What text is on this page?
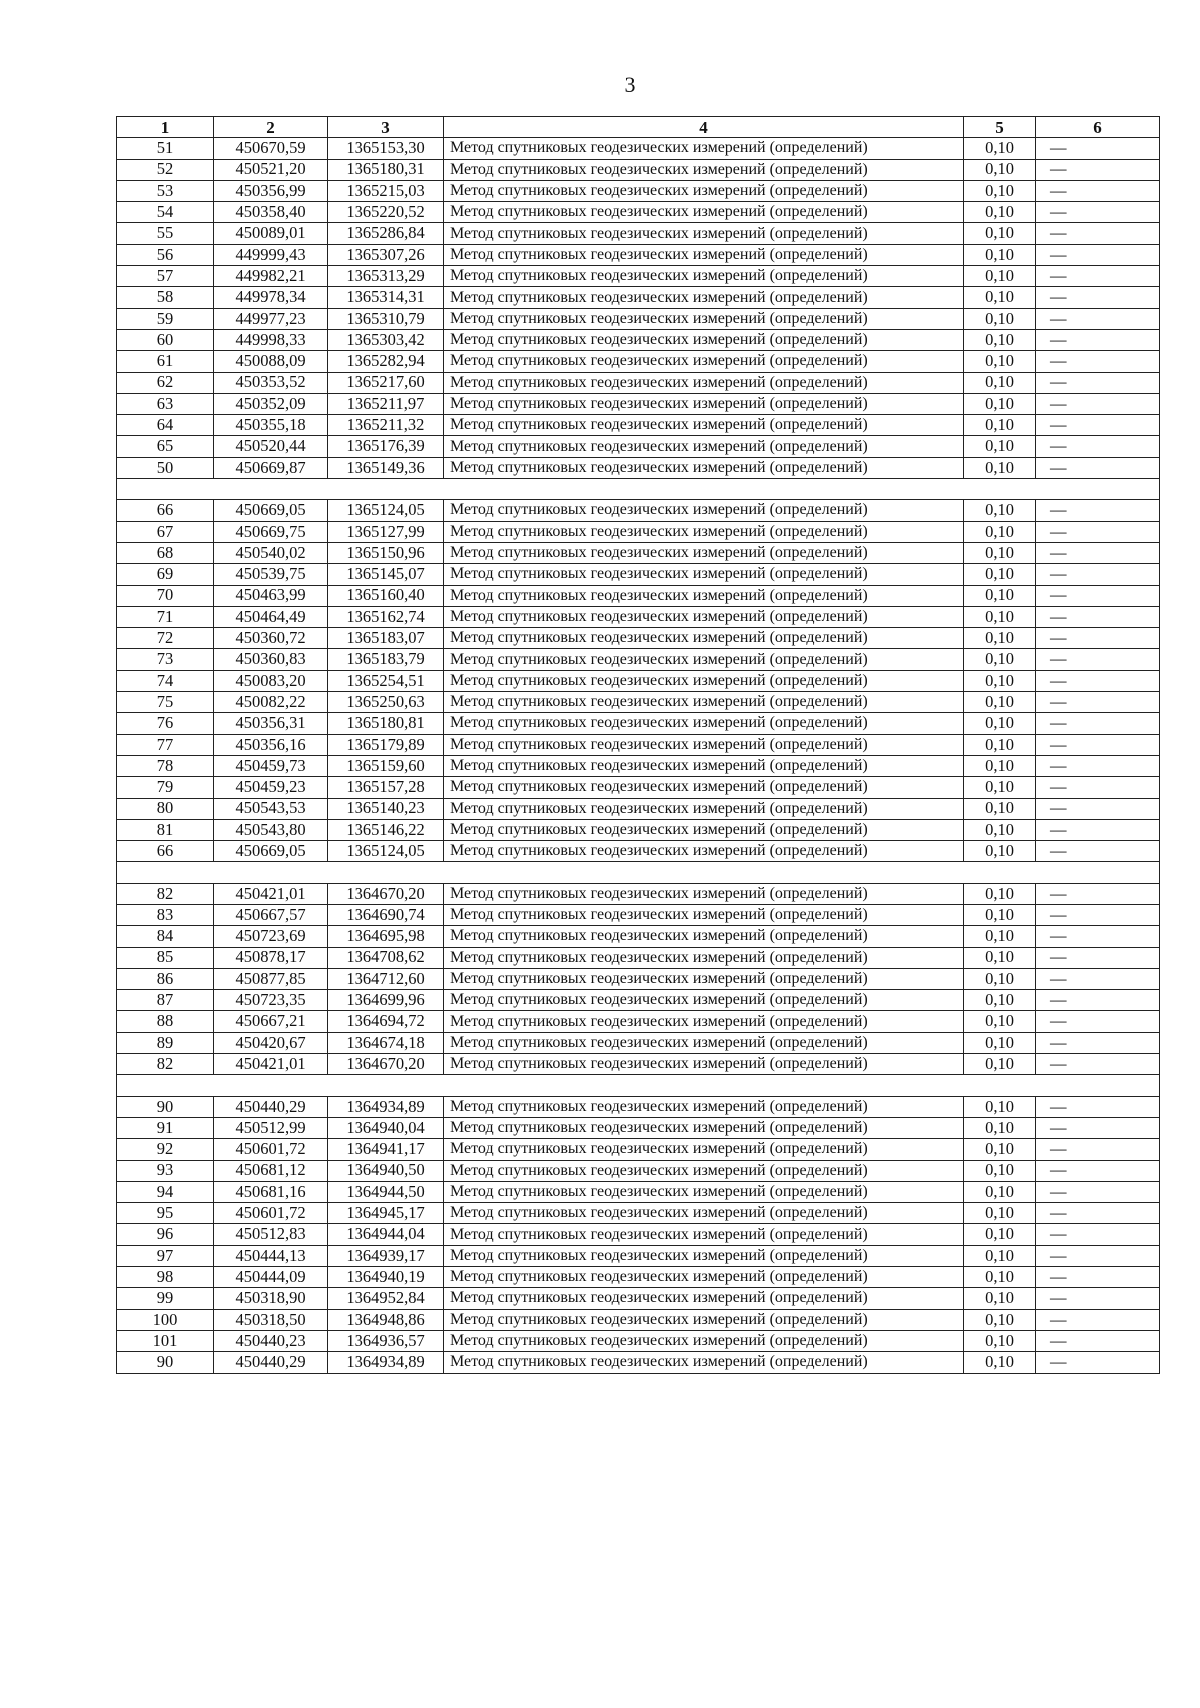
3
1	2	3	4	5	6
51	450670,59	1365153,30	Метод спутниковых геодезических измерений (определений)	0,10	—
52	450521,20	1365180,31	Метод спутниковых геодезических измерений (определений)	0,10	—
53	450356,99	1365215,03	Метод спутниковых геодезических измерений (определений)	0,10	—
54	450358,40	1365220,52	Метод спутниковых геодезических измерений (определений)	0,10	—
55	450089,01	1365286,84	Метод спутниковых геодезических измерений (определений)	0,10	—
56	449999,43	1365307,26	Метод спутниковых геодезических измерений (определений)	0,10	—
57	449982,21	1365313,29	Метод спутниковых геодезических измерений (определений)	0,10	—
58	449978,34	1365314,31	Метод спутниковых геодезических измерений (определений)	0,10	—
59	449977,23	1365310,79	Метод спутниковых геодезических измерений (определений)	0,10	—
60	449998,33	1365303,42	Метод спутниковых геодезических измерений (определений)	0,10	—
61	450088,09	1365282,94	Метод спутниковых геодезических измерений (определений)	0,10	—
62	450353,52	1365217,60	Метод спутниковых геодезических измерений (определений)	0,10	—
63	450352,09	1365211,97	Метод спутниковых геодезических измерений (определений)	0,10	—
64	450355,18	1365211,32	Метод спутниковых геодезических измерений (определений)	0,10	—
65	450520,44	1365176,39	Метод спутниковых геодезических измерений (определений)	0,10	—
50	450669,87	1365149,36	Метод спутниковых геодезических измерений (определений)	0,10	—

66	450669,05	1365124,05	Метод спутниковых геодезических измерений (определений)	0,10	—
67	450669,75	1365127,99	Метод спутниковых геодезических измерений (определений)	0,10	—
68	450540,02	1365150,96	Метод спутниковых геодезических измерений (определений)	0,10	—
69	450539,75	1365145,07	Метод спутниковых геодезических измерений (определений)	0,10	—
70	450463,99	1365160,40	Метод спутниковых геодезических измерений (определений)	0,10	—
71	450464,49	1365162,74	Метод спутниковых геодезических измерений (определений)	0,10	—
72	450360,72	1365183,07	Метод спутниковых геодезических измерений (определений)	0,10	—
73	450360,83	1365183,79	Метод спутниковых геодезических измерений (определений)	0,10	—
74	450083,20	1365254,51	Метод спутниковых геодезических измерений (определений)	0,10	—
75	450082,22	1365250,63	Метод спутниковых геодезических измерений (определений)	0,10	—
76	450356,31	1365180,81	Метод спутниковых геодезических измерений (определений)	0,10	—
77	450356,16	1365179,89	Метод спутниковых геодезических измерений (определений)	0,10	—
78	450459,73	1365159,60	Метод спутниковых геодезических измерений (определений)	0,10	—
79	450459,23	1365157,28	Метод спутниковых геодезических измерений (определений)	0,10	—
80	450543,53	1365140,23	Метод спутниковых геодезических измерений (определений)	0,10	—
81	450543,80	1365146,22	Метод спутниковых геодезических измерений (определений)	0,10	—
66	450669,05	1365124,05	Метод спутниковых геодезических измерений (определений)	0,10	—

82	450421,01	1364670,20	Метод спутниковых геодезических измерений (определений)	0,10	—
83	450667,57	1364690,74	Метод спутниковых геодезических измерений (определений)	0,10	—
84	450723,69	1364695,98	Метод спутниковых геодезических измерений (определений)	0,10	—
85	450878,17	1364708,62	Метод спутниковых геодезических измерений (определений)	0,10	—
86	450877,85	1364712,60	Метод спутниковых геодезических измерений (определений)	0,10	—
87	450723,35	1364699,96	Метод спутниковых геодезических измерений (определений)	0,10	—
88	450667,21	1364694,72	Метод спутниковых геодезических измерений (определений)	0,10	—
89	450420,67	1364674,18	Метод спутниковых геодезических измерений (определений)	0,10	—
82	450421,01	1364670,20	Метод спутниковых геодезических измерений (определений)	0,10	—

90	450440,29	1364934,89	Метод спутниковых геодезических измерений (определений)	0,10	—
91	450512,99	1364940,04	Метод спутниковых геодезических измерений (определений)	0,10	—
92	450601,72	1364941,17	Метод спутниковых геодезических измерений (определений)	0,10	—
93	450681,12	1364940,50	Метод спутниковых геодезических измерений (определений)	0,10	—
94	450681,16	1364944,50	Метод спутниковых геодезических измерений (определений)	0,10	—
95	450601,72	1364945,17	Метод спутниковых геодезических измерений (определений)	0,10	—
96	450512,83	1364944,04	Метод спутниковых геодезических измерений (определений)	0,10	—
97	450444,13	1364939,17	Метод спутниковых геодезических измерений (определений)	0,10	—
98	450444,09	1364940,19	Метод спутниковых геодезических измерений (определений)	0,10	—
99	450318,90	1364952,84	Метод спутниковых геодезических измерений (определений)	0,10	—
100	450318,50	1364948,86	Метод спутниковых геодезических измерений (определений)	0,10	—
101	450440,23	1364936,57	Метод спутниковых геодезических измерений (определений)	0,10	—
90	450440,29	1364934,89	Метод спутниковых геодезических измерений (определений)	0,10	—
